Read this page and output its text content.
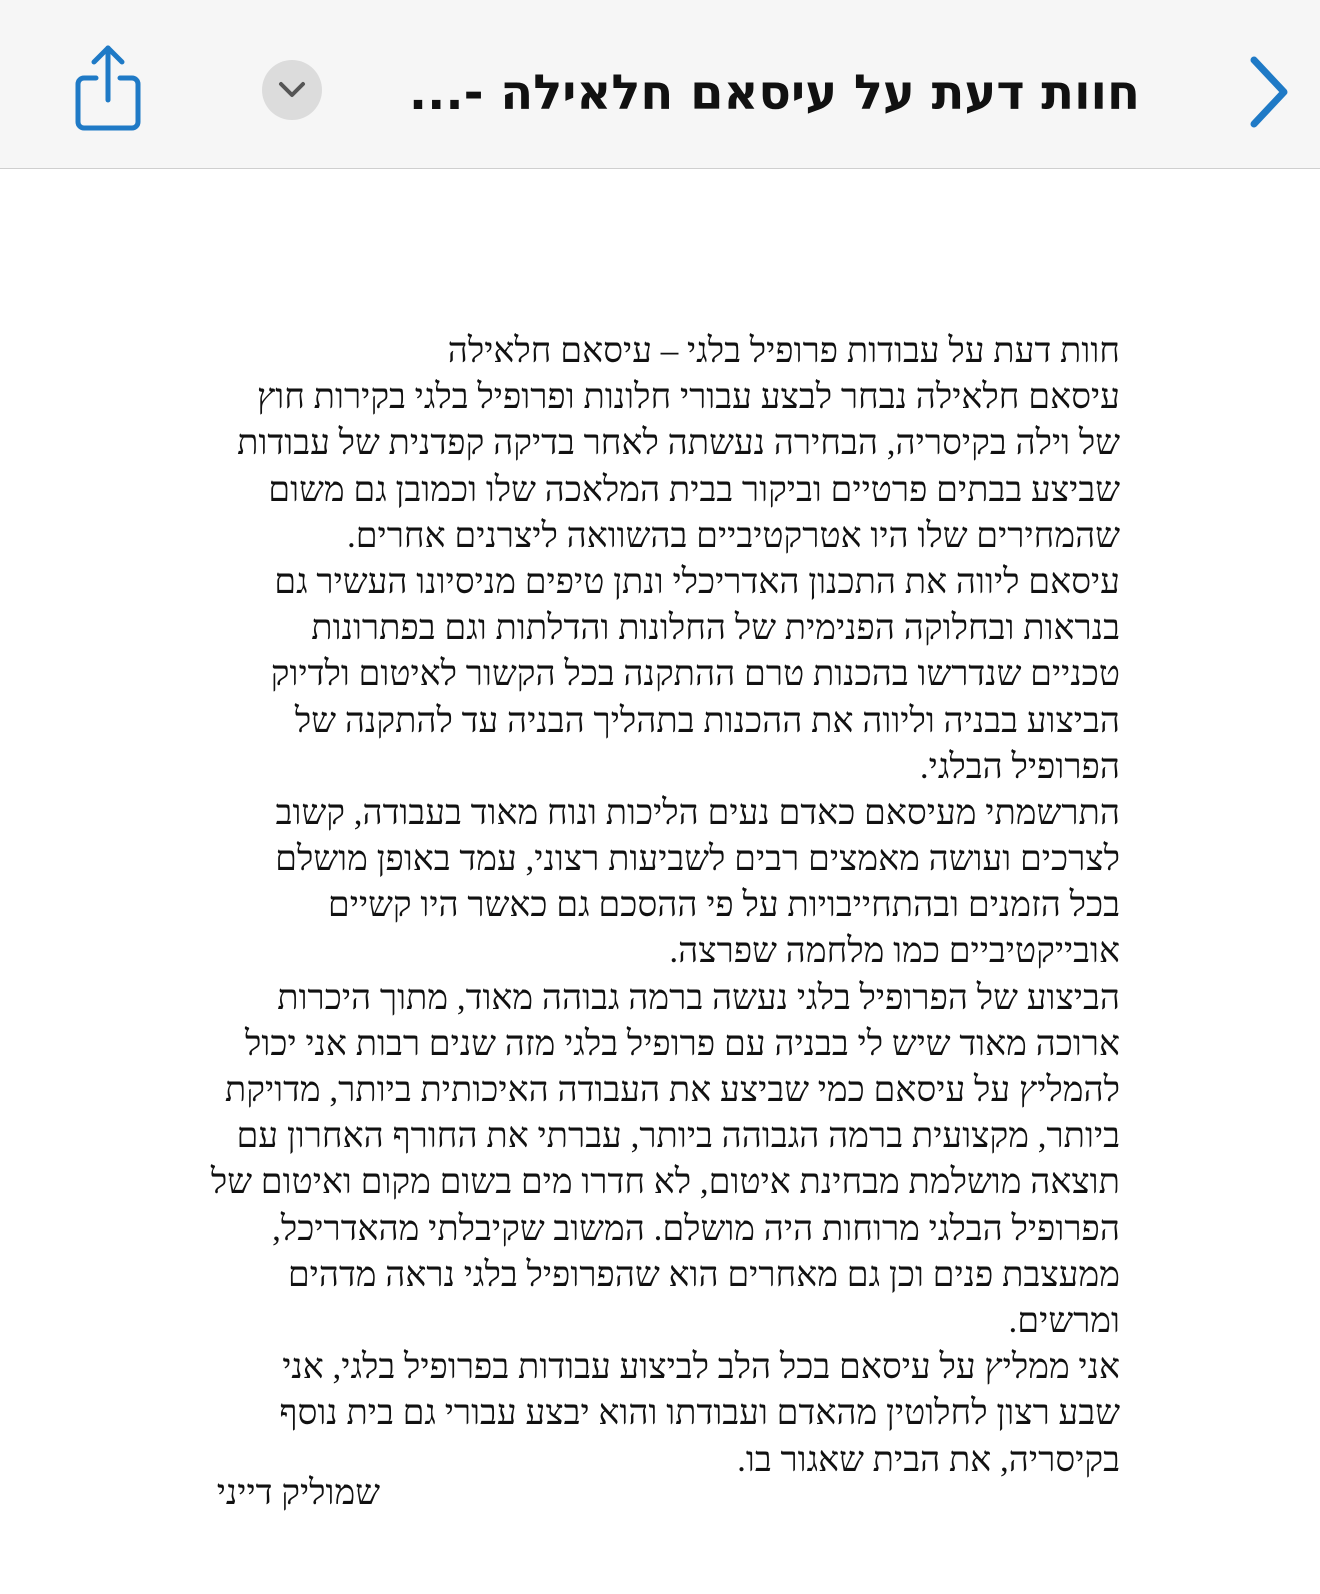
חוות דעת על עיסאם חלאילה -...
חוות דעת על עבודות פרופיל בלגי – עיסאם חלאילה
עיסאם חלאילה נבחר לבצע עבורי חלונות ופרופיל בלגי בקירות חוץ
של וילה בקיסריה, הבחירה נעשתה לאחר בדיקה קפדנית של עבודות
שביצע בבתים פרטיים וביקור בבית המלאכה שלו וכמובן גם משום
שהמחירים שלו היו אטרקטיביים בהשוואה ליצרנים אחרים.
עיסאם ליווה את התכנון האדריכלי ונתן טיפים מניסיונו העשיר גם
בנראות ובחלוקה הפנימית של החלונות והדלתות וגם בפתרונות
טכניים שנדרשו בהכנות טרם ההתקנה בכל הקשור לאיטום ולדיוק
הביצוע בבניה וליווה את ההכנות בתהליך הבניה עד להתקנה של
הפרופיל הבלגי.
התרשמתי מעיסאם כאדם נעים הליכות ונוח מאוד בעבודה, קשוב
לצרכים ועושה מאמצים רבים לשביעות רצוני, עמד באופן מושלם
בכל הזמנים ובהתחייבויות על פי ההסכם גם כאשר היו קשיים
אובייקטיביים כמו מלחמה שפרצה.
הביצוע של הפרופיל בלגי נעשה ברמה גבוהה מאוד, מתוך היכרות
ארוכה מאוד שיש לי בבניה עם פרופיל בלגי מזה שנים רבות אני יכול
להמליץ על עיסאם כמי שביצע את העבודה האיכותית ביותר, מדויקת
ביותר, מקצועית ברמה הגבוהה ביותר, עברתי את החורף האחרון עם
תוצאה מושלמת מבחינת איטום, לא חדרו מים בשום מקום ואיטום של
הפרופיל הבלגי מרוחות היה מושלם. המשוב שקיבלתי מהאדריכל,
ממעצבת פנים וכן גם מאחרים הוא שהפרופיל בלגי נראה מדהים
ומרשים.
אני ממליץ על עיסאם בכל הלב לביצוע עבודות בפרופיל בלגי, אני
שבע רצון לחלוטין מהאדם ועבודתו והוא יבצע עבורי גם בית נוסף
בקיסריה, את הבית שאגור בו.
שמוליק דייני
